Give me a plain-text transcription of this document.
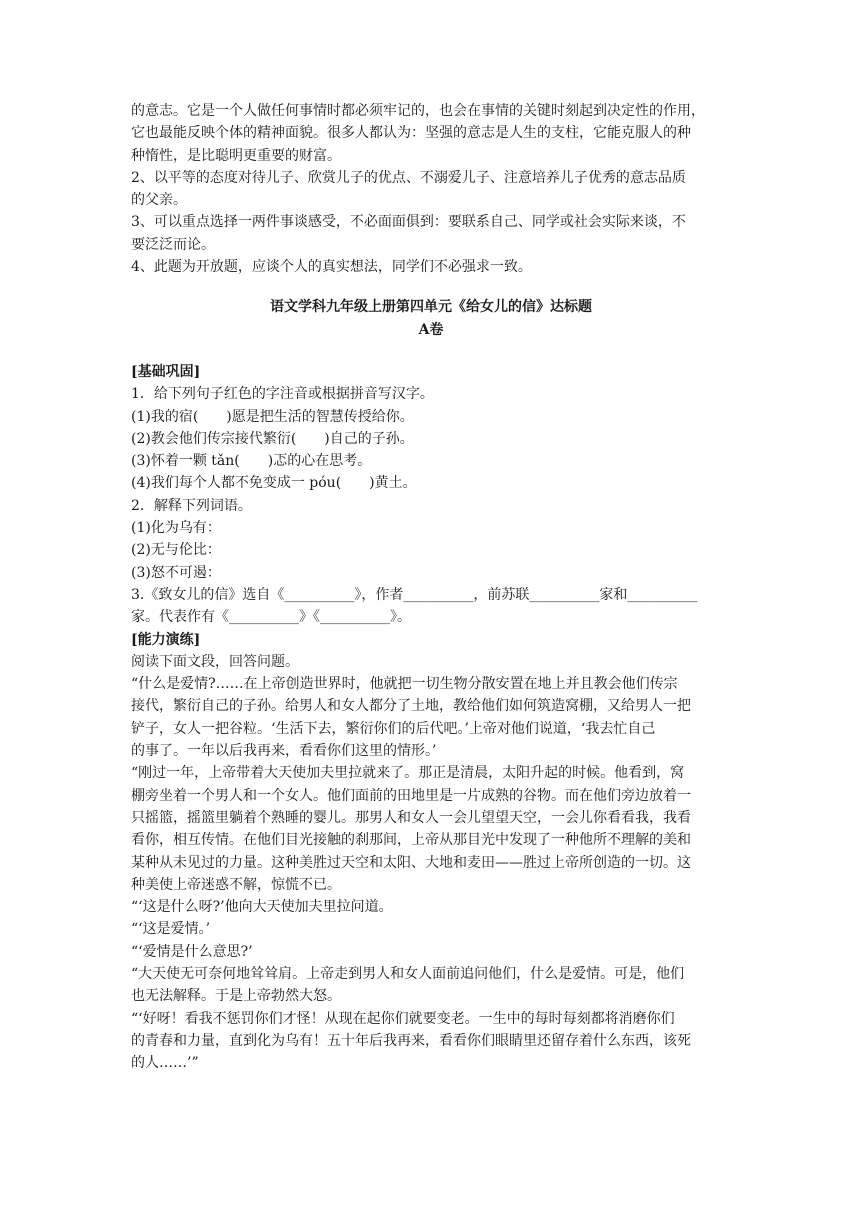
的意志。它是一个人做任何事情时都必须牢记的，也会在事情的关键时刻起到决定性的作用，

它也最能反映个体的精神面貌。很多人都认为：坚强的意志是人生的支柱，它能克服人的种

种惰性，是比聪明更重要的财富。

2、以平等的态度对待儿子、欣赏儿子的优点、不溺爱儿子、注意培养儿子优秀的意志品质

的父亲。

3、可以重点选择一两件事谈感受，不必面面俱到：要联系自己、同学或社会实际来谈，不

要泛泛而论。

4、此题为开放题，应谈个人的真实想法，同学们不必强求一致。

语文学科九年级上册第四单元《给女儿的信》达标题

A卷

[基础巩固]

1．给下列句子红色的字注音或根据拼音写汉字。

(1)我的宿(　　)愿是把生活的智慧传授给你。

(2)教会他们传宗接代繁衍(　　)自己的子孙。

(3)怀着一颗 tǎn(　　)忑的心在思考。

(4)我们每个人都不免变成一 póu(　　)黄土。

2．解释下列词语。

(1)化为乌有：

(2)无与伦比：

(3)怒不可遏：

3.《致女儿的信》选自《__________》，作者__________，前苏联__________家和__________

家。代表作有《__________》《__________》。

[能力演练]

阅读下面文段，回答问题。

“什么是爱情?……在上帝创造世界时，他就把一切生物分散安置在地上并且教会他们传宗

接代，繁衍自己的子孙。给男人和女人都分了土地，教给他们如何筑造窝棚，又给男人一把

铲子，女人一把谷粒。‘生活下去，繁衍你们的后代吧。’上帝对他们说道，‘我去忙自己

的事了。一年以后我再来，看看你们这里的情形。’

“刚过一年，上帝带着大天使加夫里拉就来了。那正是清晨，太阳升起的时候。他看到，窝

棚旁坐着一个男人和一个女人。他们面前的田地里是一片成熟的谷物。而在他们旁边放着一

只摇篮，摇篮里躺着个熟睡的婴儿。那男人和女人一会儿望望天空，一会儿你看看我，我看

看你，相互传情。在他们目光接触的刹那间，上帝从那目光中发现了一种他所不理解的美和

某种从未见过的力量。这种美胜过天空和太阳、大地和麦田——胜过上帝所创造的一切。这

种美使上帝迷惑不解，惊慌不已。

“‘这是什么呀?’他向大天使加夫里拉问道。

“‘这是爱情。’

“‘爱情是什么意思?’

“大天使无可奈何地耸耸肩。上帝走到男人和女人面前追问他们，什么是爱情。可是，他们

也无法解释。于是上帝勃然大怒。

“‘好呀！看我不惩罚你们才怪！从现在起你们就要变老。一生中的每时每刻都将消磨你们

的青春和力量，直到化为乌有！五十年后我再来，看看你们眼睛里还留存着什么东西，该死

的人……’”
